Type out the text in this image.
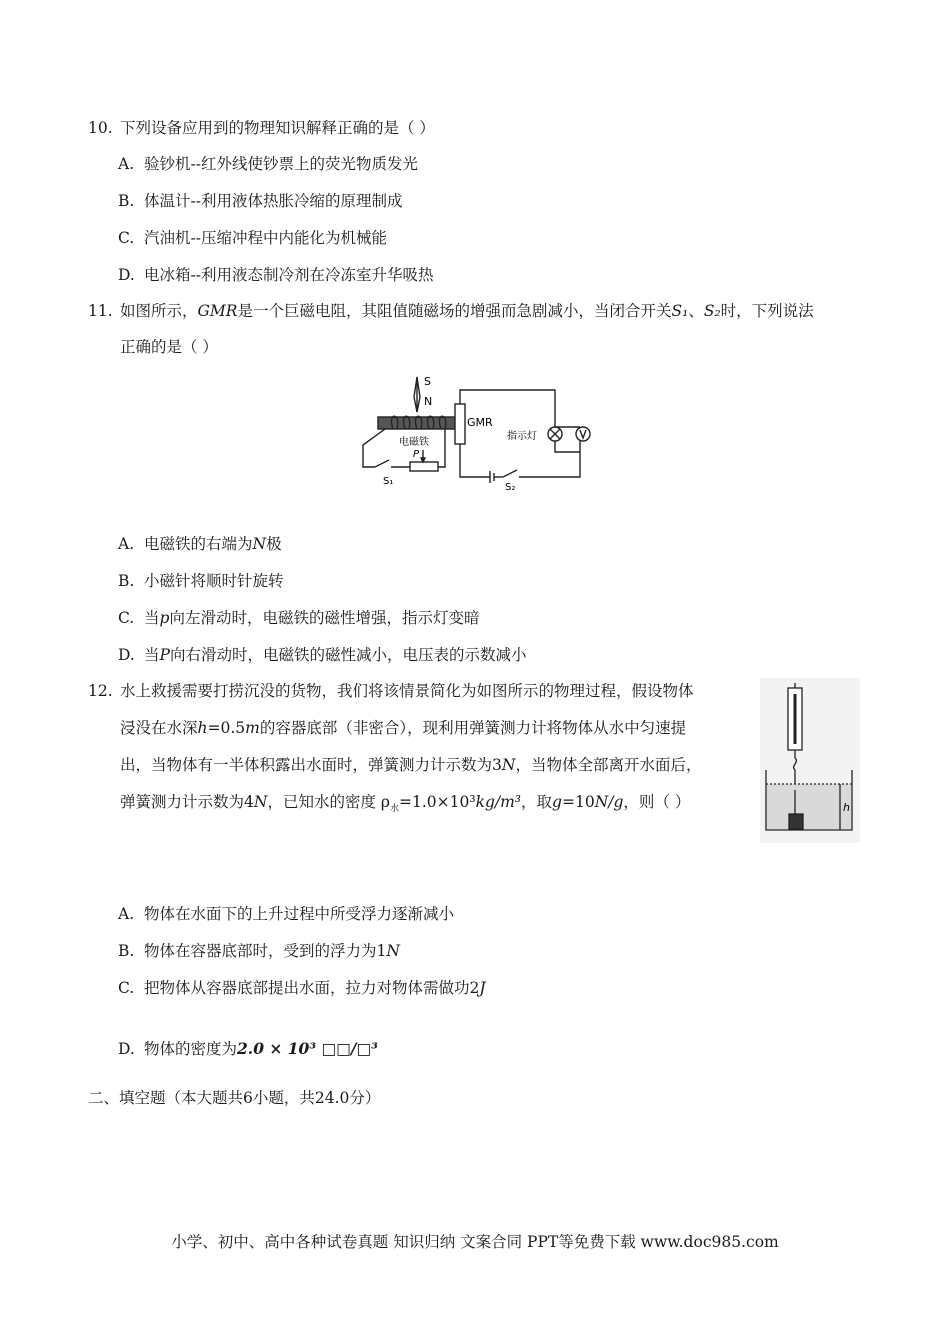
10. 下列设备应用到的物理知识解释正确的是（ ）
A. 验钞机--红外线使钞票上的荧光物质发光
B. 体温计--利用液体热胀冷缩的原理制成
C. 汽油机--压缩冲程中内能化为机械能
D. 电冰箱--利用液态制冷剂在冷冻室升华吸热
11. 如图所示，GMR是一个巨磁电阻，其阻值随磁场的增强而急剧减小，当闭合开关S₁、S₂时，下列说法
正确的是（ ）
S
N
电磁铁
GMR
指示灯
P
S₁
S₂
A. 电磁铁的右端为N极
B. 小磁针将顺时针旋转
C. 当p向左滑动时，电磁铁的磁性增强，指示灯变暗
D. 当P向右滑动时，电磁铁的磁性减小，电压表的示数减小
12. 水上救援需要打捞沉没的货物，我们将该情景简化为如图所示的物理过程，假设物体
浸没在水深h=0.5m的容器底部（非密合），现利用弹簧测力计将物体从水中匀速提
出，当物体有一半体积露出水面时，弹簧测力计示数为3N，当物体全部离开水面后，
弹簧测力计示数为4N，已知水的密度 $\rho_水=1.0\times 10^3kg/m^3$，取g=10N/g，则（ ）	h
A. 物体在水面下的上升过程中所受浮力逐渐减小
B. 物体在容器底部时，受到的浮力为1N
C. 把物体从容器底部提出水面，拉力对物体需做功2J
D. 物体的密度为2.0 × 10³ □□/□³
二、填空题（本大题共6小题，共24.0分）
小学、初中、高中各种试卷真题 知识归纳 文案合同 PPT等免费下载 www.doc985.com
